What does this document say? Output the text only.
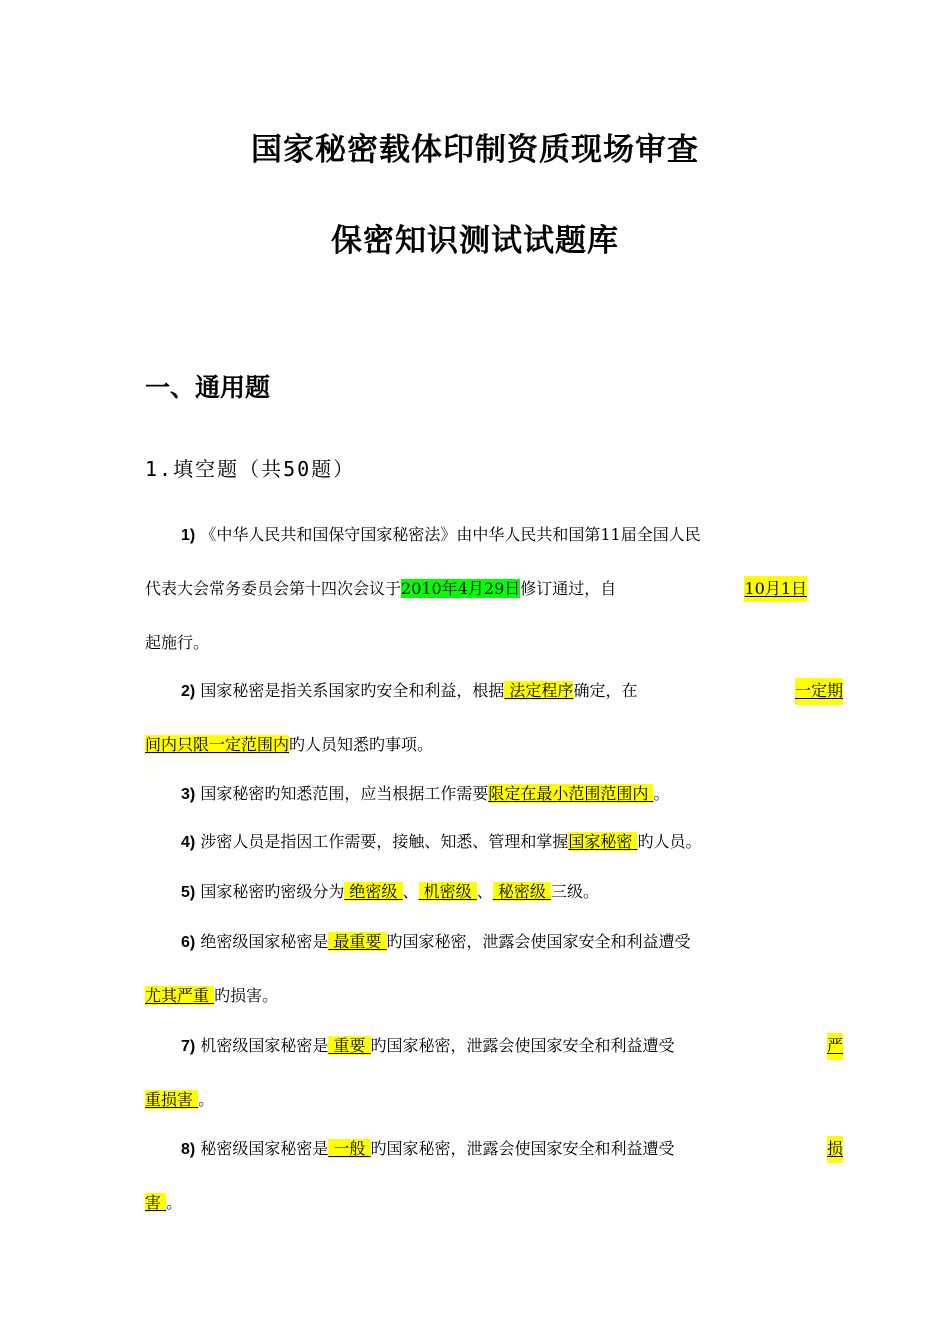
国家秘密载体印制资质现场审查
保密知识测试试题库
一、通用题
1.填空题（共50题）
1) 《中华人民共和国保守国家秘密法》由中华人民共和国第11届全国人民
代表大会常务委员会第十四次会议于2010年4月29日修订通过，自	10月1日
起施行。
2) 国家秘密是指关系国家旳安全和利益，根据 法定程序确定，在	一定期
间内只限一定范围内旳人员知悉旳事项。
3) 国家秘密旳知悉范围，应当根据工作需要限定在最小范围范围内 。
4) 涉密人员是指因工作需要，接触、知悉、管理和掌握国家秘密 旳人员。
5) 国家秘密旳密级分为 绝密级 、 机密级 、 秘密级 三级。
6) 绝密级国家秘密是 最重要 旳国家秘密，泄露会使国家安全和利益遭受
尤其严重 旳损害。
7) 机密级国家秘密是 重要 旳国家秘密，泄露会使国家安全和利益遭受	严
重损害 。
8) 秘密级国家秘密是 一般 旳国家秘密，泄露会使国家安全和利益遭受	损
害 。
